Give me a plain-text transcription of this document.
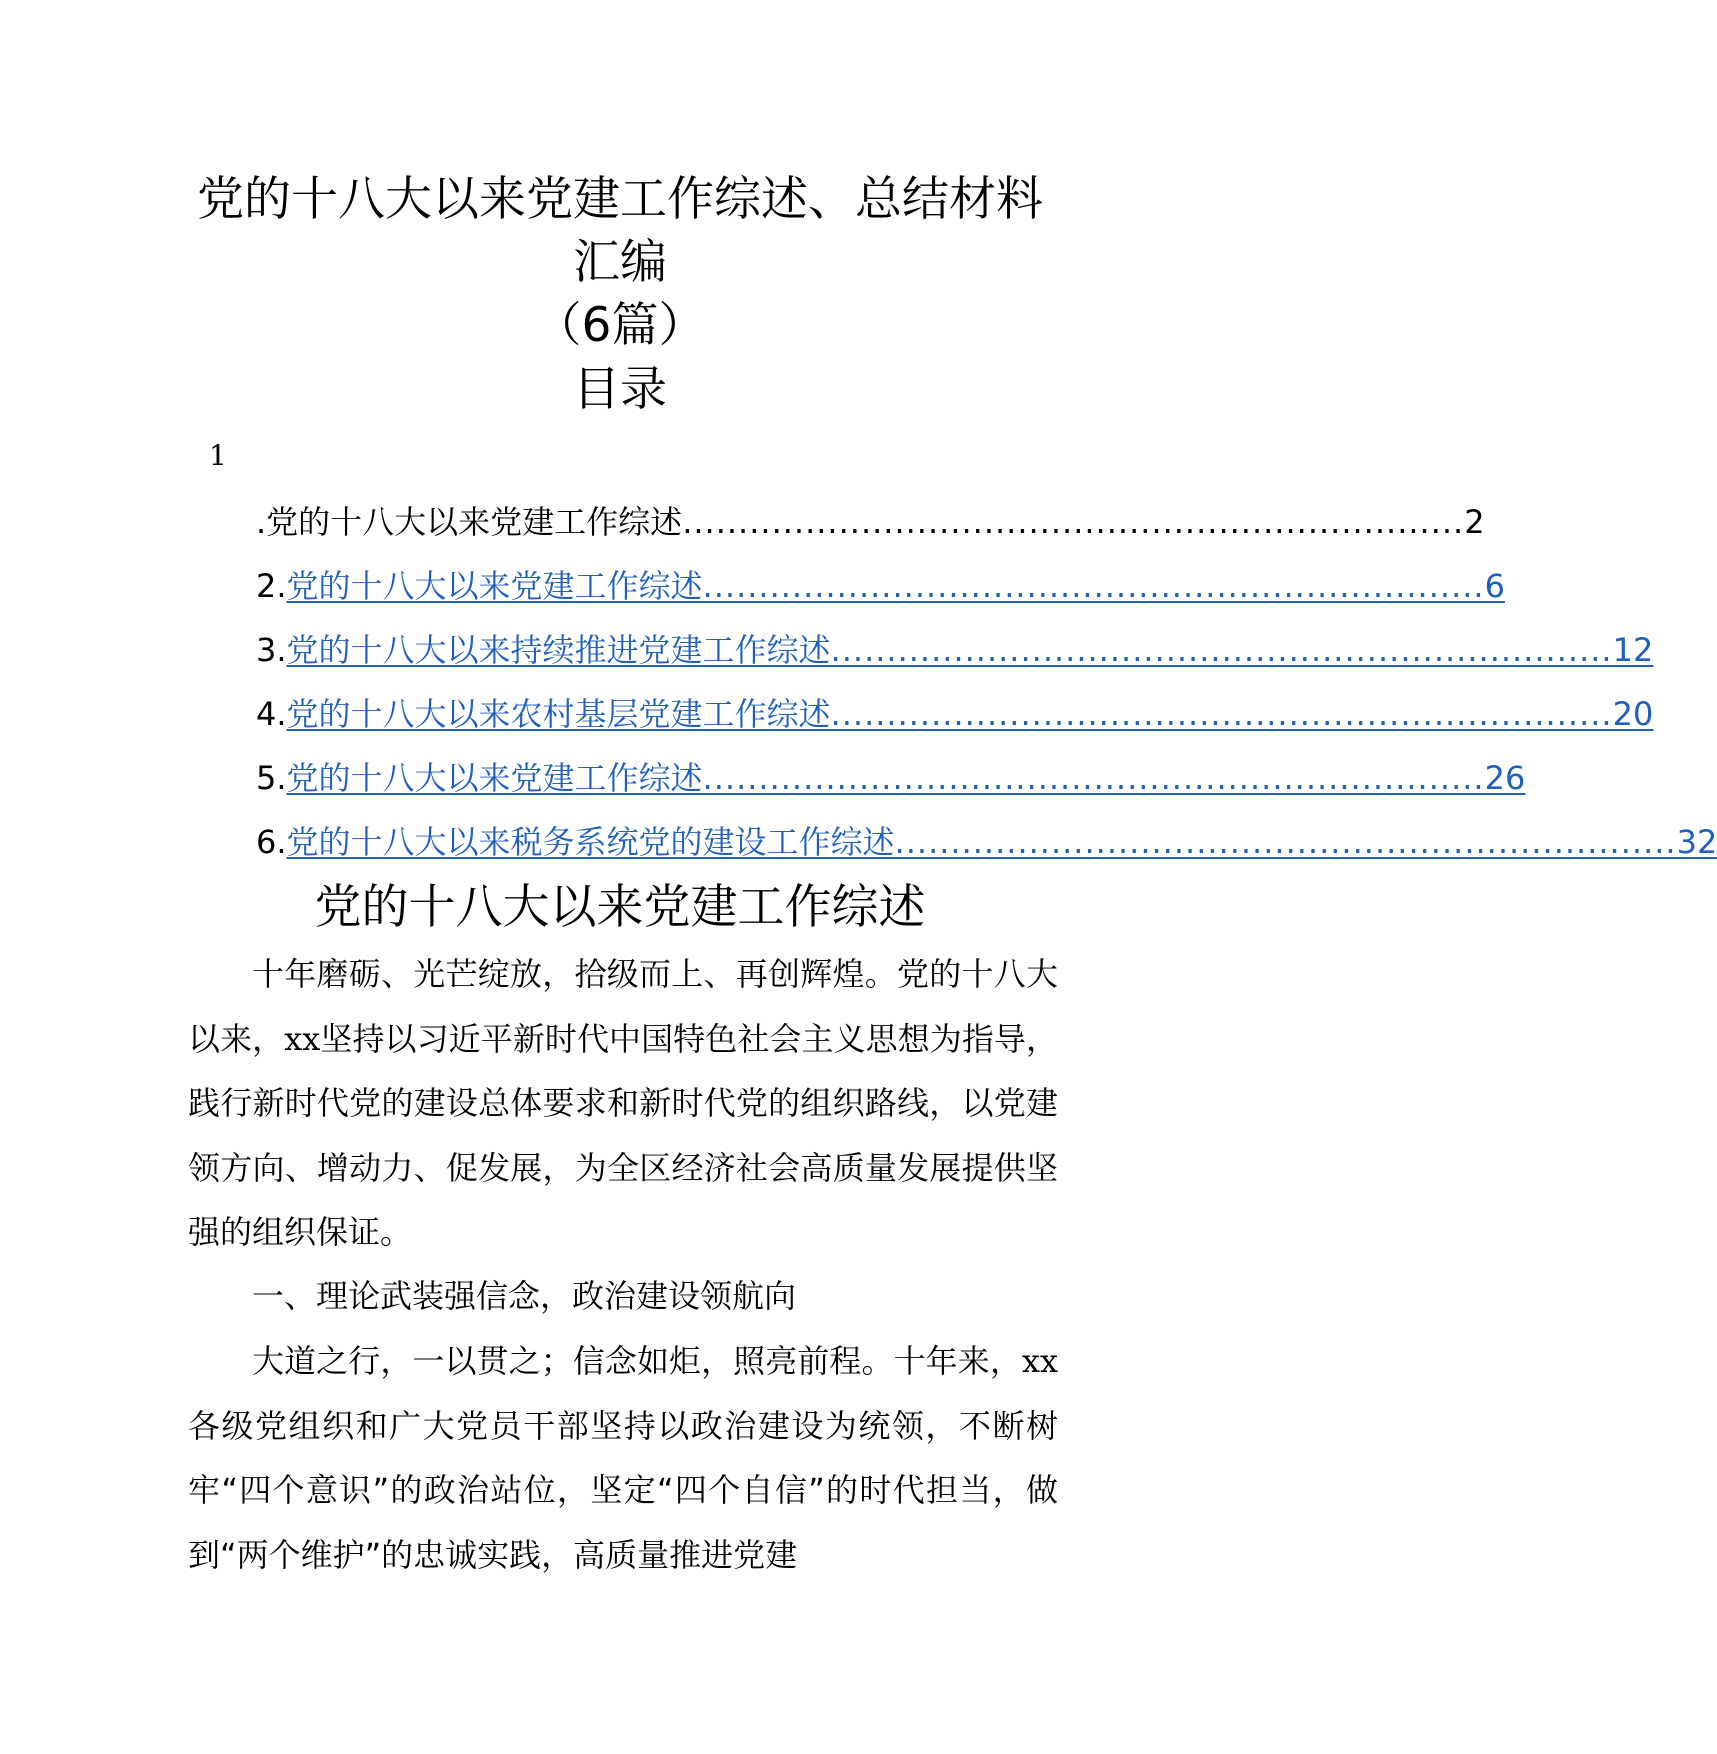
党的十八大以来党建工作综述、总结材料
汇编
（6篇）
目录
1
.党的十八大以来党建工作综述 ...................................................................... 2
2. 党的十八大以来党建工作综述 ...................................................................... 6
3. 党的十八大以来持续推进党建工作综述 ...................................................................... 12
4. 党的十八大以来农村基层党建工作综述 ...................................................................... 20
5. 党的十八大以来党建工作综述 ...................................................................... 26
6. 党的十八大以来税务系统党的建设工作综述 ...................................................................... 32
党的十八大以来党建工作综述

十年磨砺、光芒绽放，拾级而上、再创辉煌。党的十八大以来，xx坚持以习近平新时代中国特色社会主义思想为指导，践行新时代党的建设总体要求和新时代党的组织路线，以党建领方向、增动力、促发展，为全区经济社会高质量发展提供坚强的组织保证。

一、理论武装强信念，政治建设领航向

大道之行，一以贯之；信念如炬，照亮前程。十年来，xx各级党组织和广大党员干部坚持以政治建设为统领，不断树牢“四个意识”的政治站位，坚定“四个自信”的时代担当，做到“两个维护”的忠诚实践，高质量推进党建
